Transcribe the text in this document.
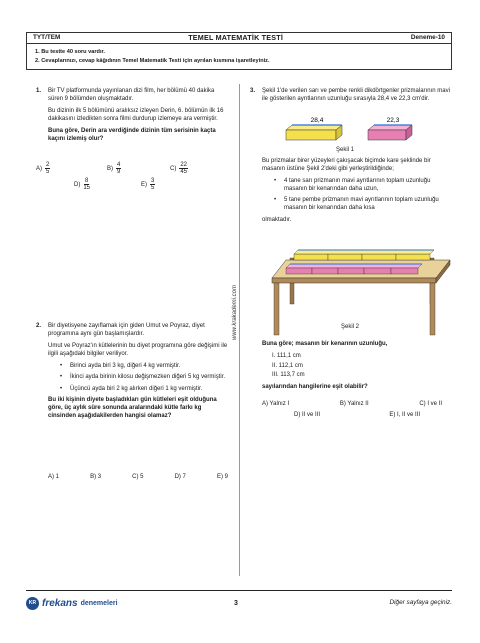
TYT/TEM	TEMEL MATEMATİK TESTİ	Deneme-10
1. Bu testte 40 soru vardır.
2. Cevaplarınızı, cevap kâğıdının Temel Matematik Testi için ayrılan kısmına işaretleyiniz.
www.krakademi.com
1. Bir TV platformunda yayınlanan dizi film, her bölümü 40 dakika süren 9 bölümden oluşmaktadır.

Bu dizinin ilk 5 bölümünü aralıksız izleyen Derin, 6. bölümün ilk 16 dakikasını izledikten sonra filmi durdurup izlemeye ara vermiştir.

Buna göre, Derin ara verdiğinde dizinin tüm serisinin kaçta kaçını izlemiş olur?

$A) \frac{2}{5}$	$B) \frac{4}{9}$	$C) \frac{22}{45}$
$D) \frac{8}{15}$	$E) \frac{3}{5}$
2. Bir diyetisyene zayıflamak için giden Umut ve Poyraz, diyet programına aynı gün başlamışlardır.

Umut ve Poyraz'ın kütlelerinin bu diyet programına göre değişimi ile ilgili aşağıdaki bilgiler veriliyor.

• Birinci ayda biri 3 kg, diğeri 4 kg vermiştir.
• İkinci ayda birinin kilosu değişmezken diğeri 5 kg vermiştir.
• Üçüncü ayda biri 2 kg alırken diğeri 1 kg vermiştir.

Bu iki kişinin diyete başladıkları gün kütleleri eşit olduğuna göre, üç aylık süre sonunda aralarındaki kütle farkı kg cinsinden aşağıdakilerden hangisi olamaz?

A) 1	B) 3	C) 5	D) 7	E) 9
3. Şekil 1'de verilen sarı ve pembe renkli dikdörtgenler prizmalarının mavi ile gösterilen ayrıtlarının uzunluğu sırasıyla 28,4 ve 22,3 cm'dir.

28,4	22,3
Şekil 1

Bu prizmalar birer yüzeyleri çakışacak biçimde kare şeklinde bir masanın üstüne Şekil 2'deki gibi yerleştirildiğinde;

• 4 tane sarı prizmanın mavi ayrıtlarının toplam uzunluğu masanın bir kenarından daha uzun,
• 5 tane pembe prizmanın mavi ayrıtlarının toplam uzunluğu masanın bir kenarından daha kısa

olmaktadır.

Şekil 2

Buna göre; masanın bir kenarının uzunluğu,

I. 111,1 cm
II. 112,1 cm
III. 113,7 cm

sayılarından hangilerine eşit olabilir?

A) Yalnız I	B) Yalnız II	C) I ve II
D) II ve III	E) I, II ve III
KR frekans denemeleri	3	Diğer sayfaya geçiniz.
